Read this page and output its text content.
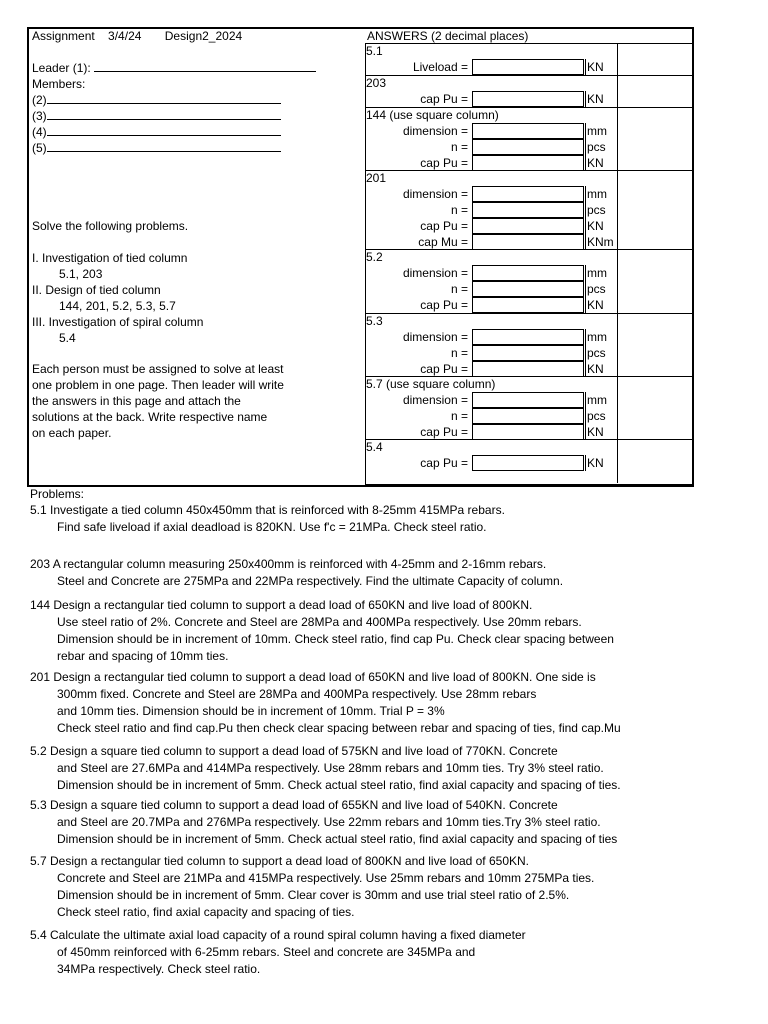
Assignment 3/4/24 Design2_2024
Leader (1):
Members:
(2)
(3)
(4)
(5)
Solve the following problems.
I. Investigation of tied column
5.1, 203
II. Design of tied column
144, 201, 5.2, 5.3, 5.7
III. Investigation of spiral column
5.4
Each person must be assigned to solve at least
one problem in one page. Then leader will write
the answers in this page and attach the
solutions at the back. Write respective name
on each paper.
ANSWERS (2 decimal places)
5.1
Liveload =	KN
203
cap Pu =	KN
144 (use square column)
dimension =	mm
n =	pcs
cap Pu =	KN
201
dimension =	mm
n =	pcs
cap Pu =	KN
cap Mu =	KNm
5.2
dimension =	mm
n =	pcs
cap Pu =	KN
5.3
dimension =	mm
n =	pcs
cap Pu =	KN
5.7 (use square column)
dimension =	mm
n =	pcs
cap Pu =	KN
5.4
cap Pu =	KN
Problems:
5.1 Investigate a tied column 450x450mm that is reinforced with 8-25mm 415MPa rebars.
Find safe liveload if axial deadload is 820KN. Use f'c = 21MPa. Check steel ratio.
203 A rectangular column measuring 250x400mm is reinforced with 4-25mm and 2-16mm rebars.
Steel and Concrete are 275MPa and 22MPa respectively. Find the ultimate Capacity of column.
144 Design a rectangular tied column to support a dead load of 650KN and live load of 800KN.
Use steel ratio of 2%. Concrete and Steel are 28MPa and 400MPa respectively. Use 20mm rebars.
Dimension should be in increment of 10mm. Check steel ratio, find cap Pu. Check clear spacing between
rebar and spacing of 10mm ties.
201 Design a rectangular tied column to support a dead load of 650KN and live load of 800KN. One side is
300mm fixed. Concrete and Steel are 28MPa and 400MPa respectively. Use 28mm rebars
and 10mm ties. Dimension should be in increment of 10mm. Trial P = 3%
Check steel ratio and find cap.Pu then check clear spacing between rebar and spacing of ties, find cap.Mu
5.2 Design a square tied column to support a dead load of 575KN and live load of 770KN. Concrete
and Steel are 27.6MPa and 414MPa respectively. Use 28mm rebars and 10mm ties. Try 3% steel ratio.
Dimension should be in increment of 5mm. Check actual steel ratio, find axial capacity and spacing of ties.
5.3 Design a square tied column to support a dead load of 655KN and live load of 540KN. Concrete
and Steel are 20.7MPa and 276MPa respectively. Use 22mm rebars and 10mm ties.Try 3% steel ratio.
Dimension should be in increment of 5mm. Check actual steel ratio, find axial capacity and spacing of ties
5.7 Design a rectangular tied column to support a dead load of 800KN and live load of 650KN.
Concrete and Steel are 21MPa and 415MPa respectively. Use 25mm rebars and 10mm 275MPa ties.
Dimension should be in increment of 5mm. Clear cover is 30mm and use trial steel ratio of 2.5%.
Check steel ratio, find axial capacity and spacing of ties.
5.4 Calculate the ultimate axial load capacity of a round spiral column having a fixed diameter
of 450mm reinforced with 6-25mm rebars. Steel and concrete are 345MPa and
34MPa respectively. Check steel ratio.
